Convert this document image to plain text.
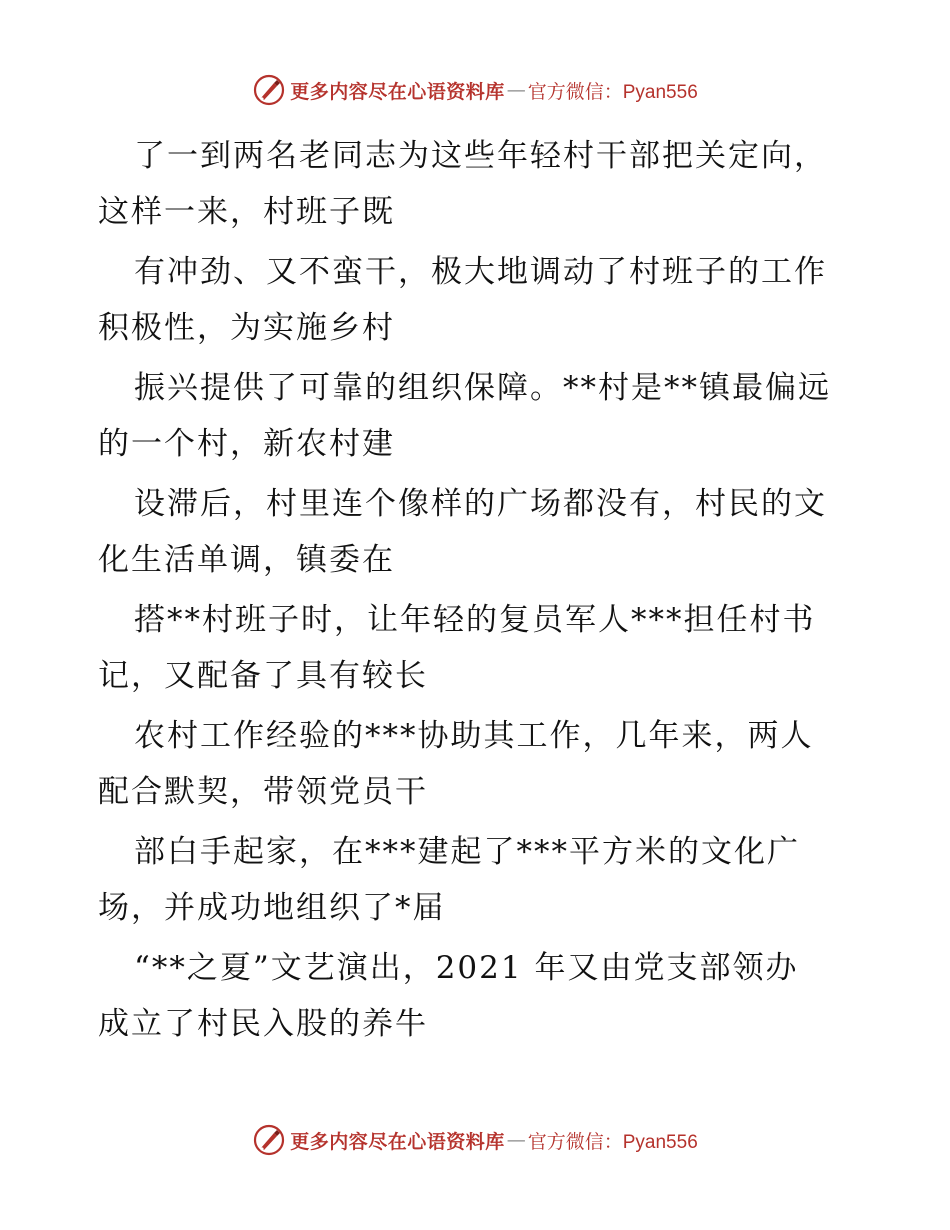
更多内容尽在心语资料库 — 官方微信：Pyan556
了一到两名老同志为这些年轻村干部把关定向，
这样一来，村班子既
有冲劲、又不蛮干，极大地调动了村班子的工作
积极性，为实施乡村
振兴提供了可靠的组织保障。**村是**镇最偏远
的一个村，新农村建
设滞后，村里连个像样的广场都没有，村民的文
化生活单调，镇委在
搭**村班子时，让年轻的复员军人***担任村书
记，又配备了具有较长
农村工作经验的***协助其工作，几年来，两人
配合默契，带领党员干
部白手起家，在***建起了***平方米的文化广
场，并成功地组织了*届
“**之夏”文艺演出，2021 年又由党支部领办
成立了村民入股的养牛
更多内容尽在心语资料库 — 官方微信：Pyan556
